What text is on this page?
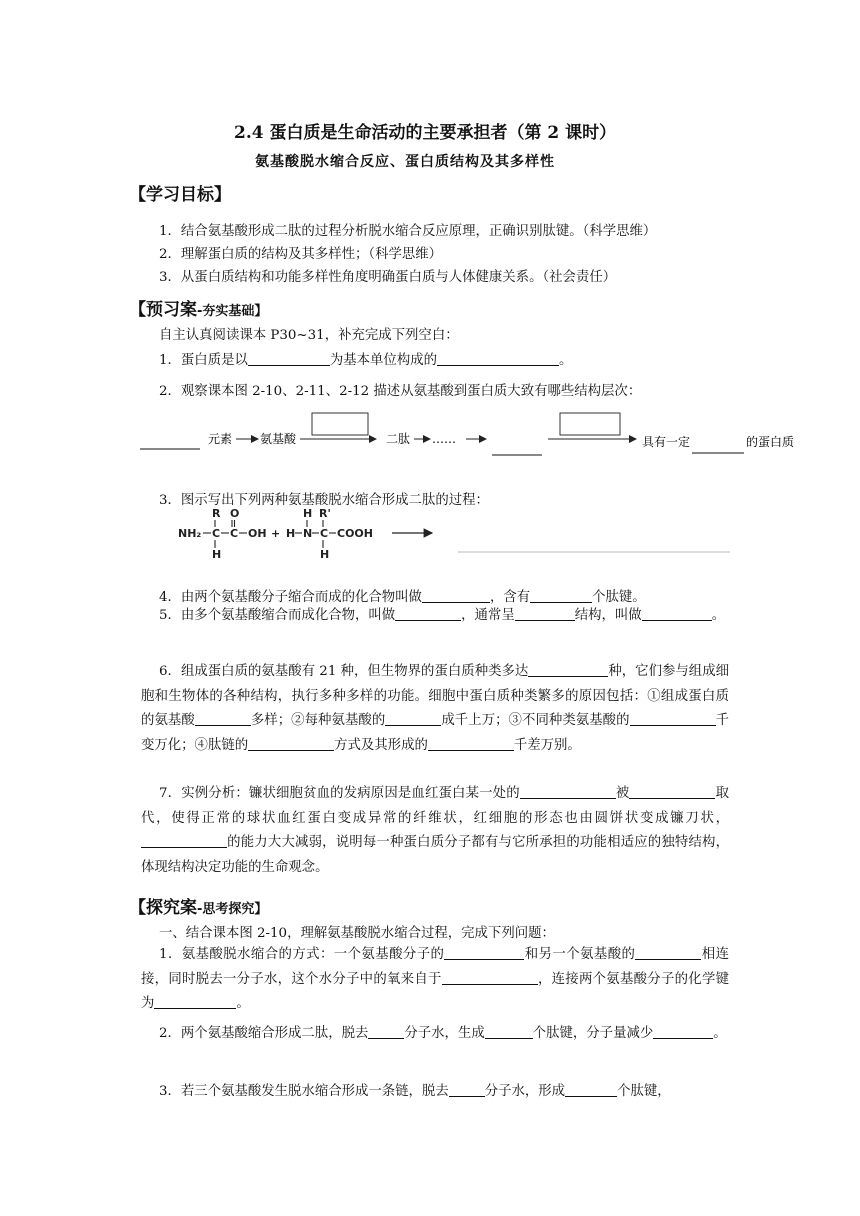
2.4 蛋白质是生命活动的主要承担者（第 2 课时）
氨基酸脱水缩合反应、蛋白质结构及其多样性
【学习目标】
1．结合氨基酸形成二肽的过程分析脱水缩合反应原理，正确识别肽键。（科学思维）
2．理解蛋白质的结构及其多样性；（科学思维）
3．从蛋白质结构和功能多样性角度明确蛋白质与人体健康关系。（社会责任）
【预习案-夯实基础】
自主认真阅读课本 P30~31，补充完成下列空白：
1．蛋白质是以	为基本单位构成的	。
2．观察课本图 2-10、2-11、2-12 描述从氨基酸到蛋白质大致有哪些结构层次：
元素 氨基酸	二肽 ……	具有一定	的蛋白质
3．图示写出下列两种氨基酸脱水缩合形成二肽的过程：
R O	H R'
NH₂ C C OH + H N C COOH
H	H
4．由两个氨基酸分子缩合而成的化合物叫做	，含有	个肽键。
5．由多个氨基酸缩合而成化合物，叫做	，通常呈	结构，叫做	。
6．组成蛋白质的氨基酸有 21 种，但生物界的蛋白质种类多达	种，它们参与组成细胞和生物体的各种结构，执行多种多样的功能。细胞中蛋白质种类繁多的原因包括：①组成蛋白质的氨基酸	多样；②每种氨基酸的	成千上万；③不同种类氨基酸的	千变万化；④肽链的	方式及其形成的	千差万别。
7．实例分析：镰状细胞贫血的发病原因是血红蛋白某一处的	被	取代，使得正常的球状血红蛋白变成异常的纤维状，红细胞的形态也由圆饼状变成镰刀状，的能力大大减弱，说明每一种蛋白质分子都有与它所承担的功能相适应的独特结构，体现结构决定功能的生命观念。
【探究案-思考探究】
一、结合课本图 2-10，理解氨基酸脱水缩合过程，完成下列问题：
1．氨基酸脱水缩合的方式：一个氨基酸分子的	和另一个氨基酸的	相连接，同时脱去一分子水，这个水分子中的氧来自于	，连接两个氨基酸分子的化学键为	。
2．两个氨基酸缩合形成二肽，脱去	分子水，生成	个肽键，分子量减少	。
3．若三个氨基酸发生脱水缩合形成一条链，脱去	分子水，形成	个肽键，
